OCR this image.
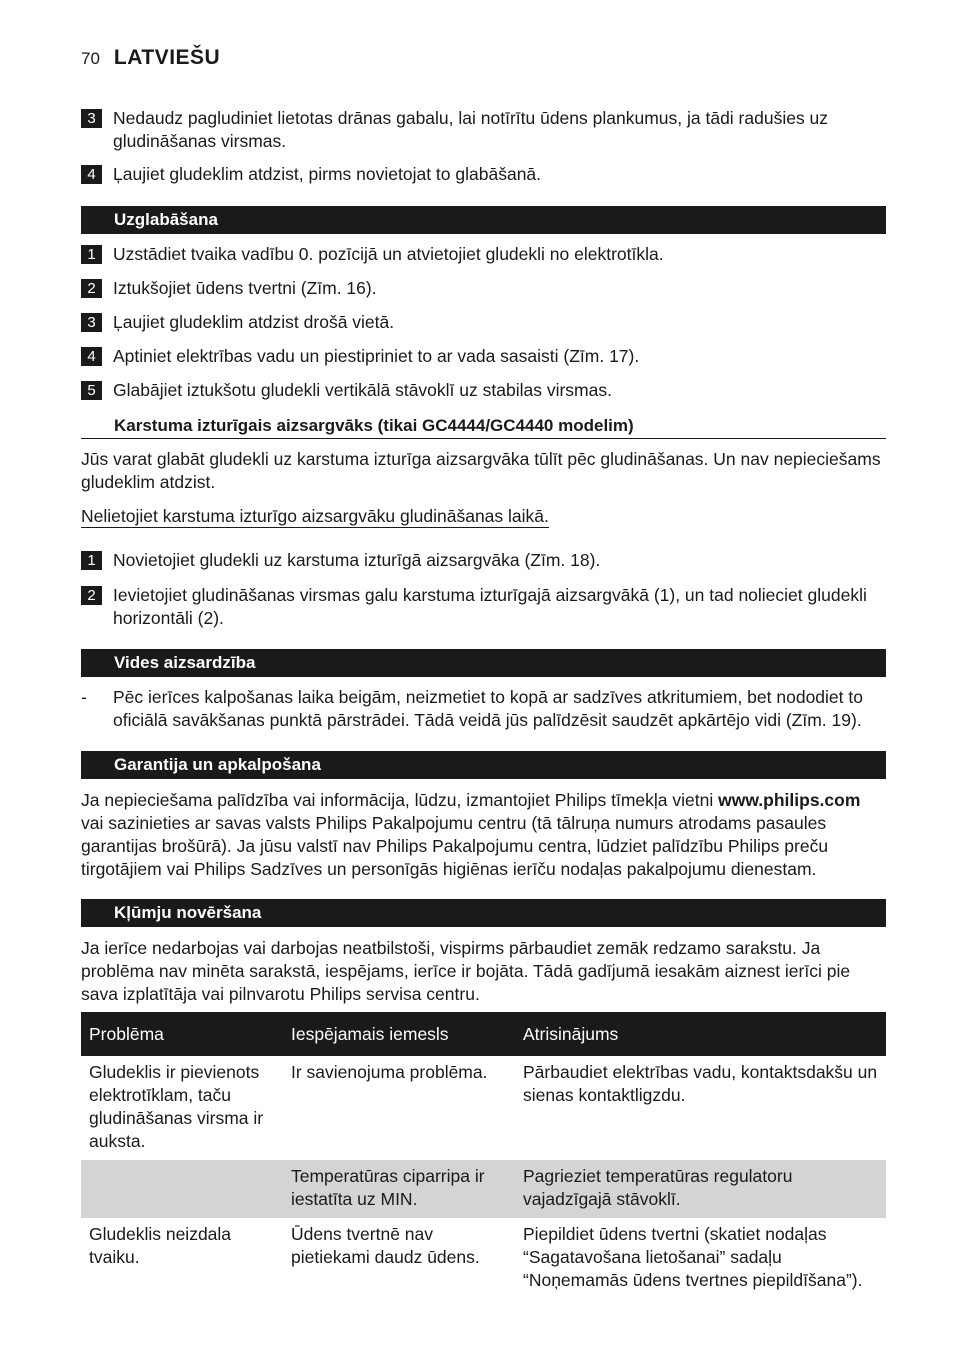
70 LATVIEŠU
3 Nedaudz pagludiniet lietotas drānas gabalu, lai notīrītu ūdens plankumus, ja tādi radušies uz gludināšanas virsmas.
4 Ļaujiet gludeklim atdzist, pirms novietojat to glabāšanā.
Uzglabāšana
1 Uzstādiet tvaika vadību 0. pozīcijā un atvietojiet gludekli no elektrotīkla.
2 Iztukšojiet ūdens tvertni (Zīm. 16).
3 Ļaujiet gludeklim atdzist drošā vietā.
4 Aptiniet elektrības vadu un piestipriniet to ar vada sasaisti (Zīm. 17).
5 Glabājiet iztukšotu gludekli vertikālā stāvoklī uz stabilas virsmas.
Karstuma izturīgais aizsargvāks (tikai GC4444/GC4440 modelim)
Jūs varat glabāt gludekli uz karstuma izturīga aizsargvāka tūlīt pēc gludināšanas. Un nav nepieciešams gludeklim atdzist.
Nelietojiet karstuma izturīgo aizsargvāku gludināšanas laikā.
1 Novietojiet gludekli uz karstuma izturīgā aizsargvāka (Zīm. 18).
2 Ievietojiet gludināšanas virsmas galu karstuma izturīgajā aizsargvākā (1), un tad nolieciet gludekli horizontāli (2).
Vides aizsardzība
-	Pēc ierīces kalpošanas laika beigām, neizmetiet to kopā ar sadzīves atkritumiem, bet nododiet to oficiālā savākšanas punktā pārstrādei. Tādā veidā jūs palīdzēsit saudzēt apkārtējo vidi (Zīm. 19).
Garantija un apkalpošana
Ja nepieciešama palīdzība vai informācija, lūdzu, izmantojiet Philips tīmekļa vietni www.philips.com vai sazinieties ar savas valsts Philips Pakalpojumu centru (tā tālruņa numurs atrodams pasaules garantijas brošūrā). Ja jūsu valstī nav Philips Pakalpojumu centra, lūdziet palīdzību Philips preču tirgotājiem vai Philips Sadzīves un personīgās higiēnas ierīču nodaļas pakalpojumu dienestam.
Kļūmju novēršana
Ja ierīce nedarbojas vai darbojas neatbilstoši, vispirms pārbaudiet zemāk redzamo sarakstu. Ja problēma nav minēta sarakstā, iespējams, ierīce ir bojāta. Tādā gadījumā iesakām aiznest ierīci pie sava izplatītāja vai pilnvarotu Philips servisa centru.
Problēma	Iespējamais iemesls	Atrisinājums
Gludeklis ir pievienots elektrotīklam, taču gludināšanas virsma ir auksta.	Ir savienojuma problēma.	Pārbaudiet elektrības vadu, kontaktsdakšu un sienas kontaktligzdu.
	Temperatūras ciparripa ir iestatīta uz MIN.	Pagrieziet temperatūras regulatoru vajadzīgajā stāvoklī.
Gludeklis neizdala tvaiku.	Ūdens tvertnē nav pietiekami daudz ūdens.	Piepildiet ūdens tvertni (skatiet nodaļas “Sagatavošana lietošanai” sadaļu “Noņemamās ūdens tvertnes piepildīšana”).
